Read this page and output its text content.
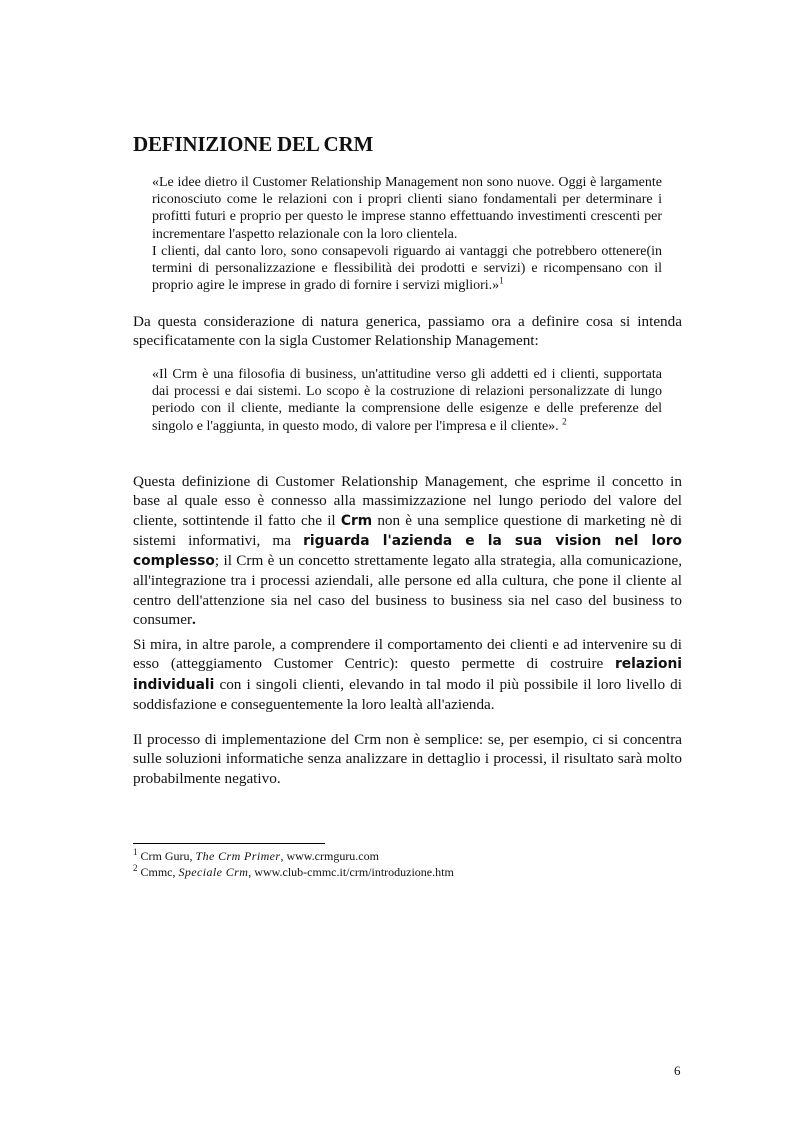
DEFINIZIONE DEL CRM

«Le idee dietro il Customer Relationship Management non sono nuove. Oggi è largamente riconosciuto come le relazioni con i propri clienti siano fondamentali per determinare i profitti futuri e proprio per questo le imprese stanno effettuando investimenti crescenti per incrementare l'aspetto relazionale con la loro clientela.
I clienti, dal canto loro, sono consapevoli riguardo ai vantaggi che potrebbero ottenere(in termini di personalizzazione e flessibilità dei prodotti e servizi) e ricompensano con il proprio agire le imprese in grado di fornire i servizi migliori.»$^1$

Da questa considerazione di natura generica, passiamo ora a definire cosa si intenda specificatamente con la sigla Customer Relationship Management:

«Il Crm è una filosofia di business, un'attitudine verso gli addetti ed i clienti, supportata dai processi e dai sistemi. Lo scopo è la costruzione di relazioni personalizzate di lungo periodo con il cliente, mediante la comprensione delle esigenze e delle preferenze del singolo e l'aggiunta, in questo modo, di valore per l'impresa e il cliente». $^2$

Questa definizione di Customer Relationship Management, che esprime il concetto in base al quale esso è connesso alla massimizzazione nel lungo periodo del valore del cliente, sottintende il fatto che il Crm non è una semplice questione di marketing nè di sistemi informativi, ma riguarda l'azienda e la sua vision nel loro complesso; il Crm è un concetto strettamente legato alla strategia, alla comunicazione, all'integrazione tra i processi aziendali, alle persone ed alla cultura, che pone il cliente al centro dell'attenzione sia nel caso del business to business sia nel caso del business to consumer.

Si mira, in altre parole, a comprendere il comportamento dei clienti e ad intervenire su di esso (atteggiamento Customer Centric): questo permette di costruire relazioni individuali con i singoli clienti, elevando in tal modo il più possibile il loro livello di soddisfazione e conseguentemente la loro lealtà all'azienda.

Il processo di implementazione del Crm non è semplice: se, per esempio, ci si concentra sulle soluzioni informatiche senza analizzare in dettaglio i processi, il risultato sarà molto probabilmente negativo.

$^1$ Crm Guru, The Crm Primer, www.crmguru.com
$^2$ Cmmc, Speciale Crm, www.club-cmmc.it/crm/introduzione.htm
6
